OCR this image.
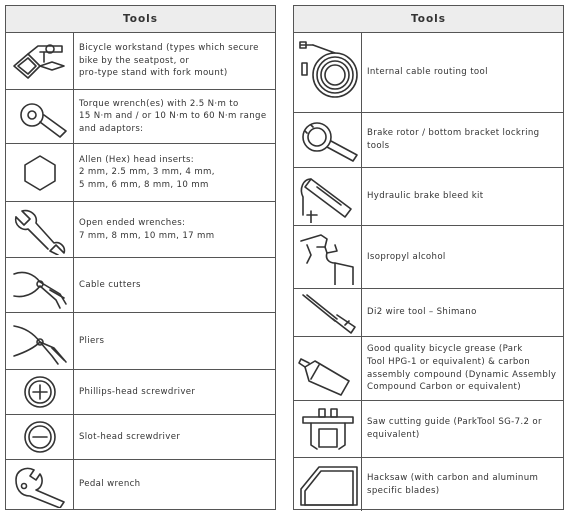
Tools
Bicycle workstand (types which secure
bike by the seatpost, or
pro-type stand with fork mount)
Torque wrench(es) with 2.5 N·m to
15 N·m and / or 10 N·m to 60 N·m range
and adaptors:
Allen (Hex) head inserts:
2 mm, 2.5 mm, 3 mm, 4 mm,
5 mm, 6 mm, 8 mm, 10 mm
Open ended wrenches:
7 mm, 8 mm, 10 mm, 17 mm
Cable cutters
Pliers
Phillips-head screwdriver
Slot-head screwdriver
Pedal wrench
Tools
Internal cable routing tool
Brake rotor / bottom bracket lockring tools
Hydraulic brake bleed kit
Isopropyl alcohol
Di2 wire tool – Shimano
Good quality bicycle grease (Park
Tool HPG-1 or equivalent) & carbon
assembly compound (Dynamic Assembly
Compound Carbon or equivalent)
Saw cutting guide (ParkTool SG-7.2 or
equivalent)
Hacksaw (with carbon and aluminum
specific blades)
